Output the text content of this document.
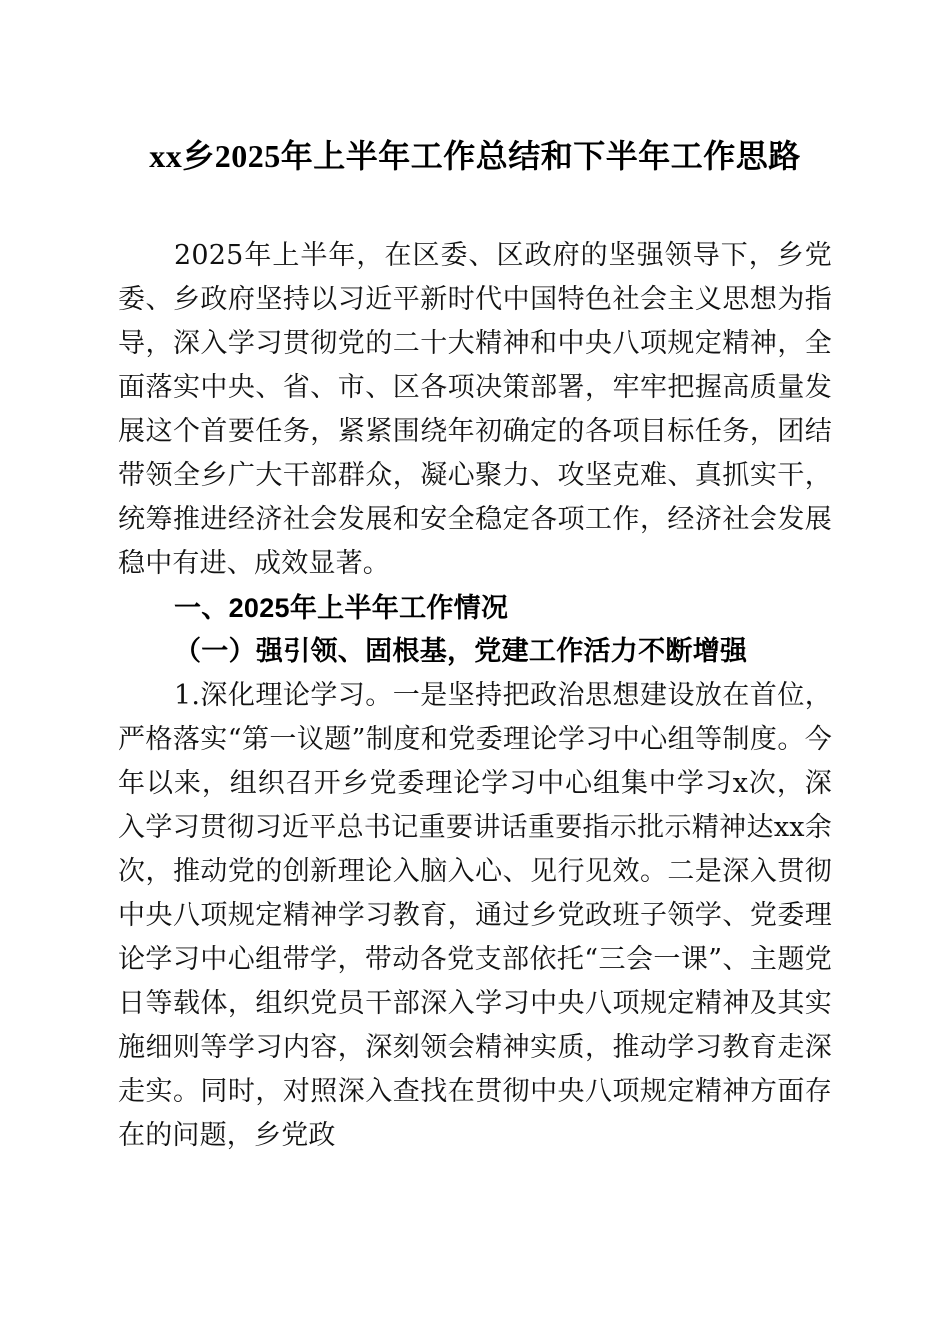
xx乡2025年上半年工作总结和下半年工作思路

2025年上半年，在区委、区政府的坚强领导下，乡党委、乡政府坚持以习近平新时代中国特色社会主义思想为指导，深入学习贯彻党的二十大精神和中央八项规定精神，全面落实中央、省、市、区各项决策部署，牢牢把握高质量发展这个首要任务，紧紧围绕年初确定的各项目标任务，团结带领全乡广大干部群众，凝心聚力、攻坚克难、真抓实干，统筹推进经济社会发展和安全稳定各项工作，经济社会发展稳中有进、成效显著。

一、2025年上半年工作情况

（一）强引领、固根基，党建工作活力不断增强

1.深化理论学习。一是坚持把政治思想建设放在首位，严格落实“第一议题”制度和党委理论学习中心组等制度。今年以来，组织召开乡党委理论学习中心组集中学习x次，深入学习贯彻习近平总书记重要讲话重要指示批示精神达xx余次，推动党的创新理论入脑入心、见行见效。二是深入贯彻中央八项规定精神学习教育，通过乡党政班子领学、党委理论学习中心组带学，带动各党支部依托“三会一课”、主题党日等载体，组织党员干部深入学习中央八项规定精神及其实施细则等学习内容，深刻领会精神实质，推动学习教育走深走实。同时，对照深入查找在贯彻中央八项规定精神方面存在的问题，乡党政
